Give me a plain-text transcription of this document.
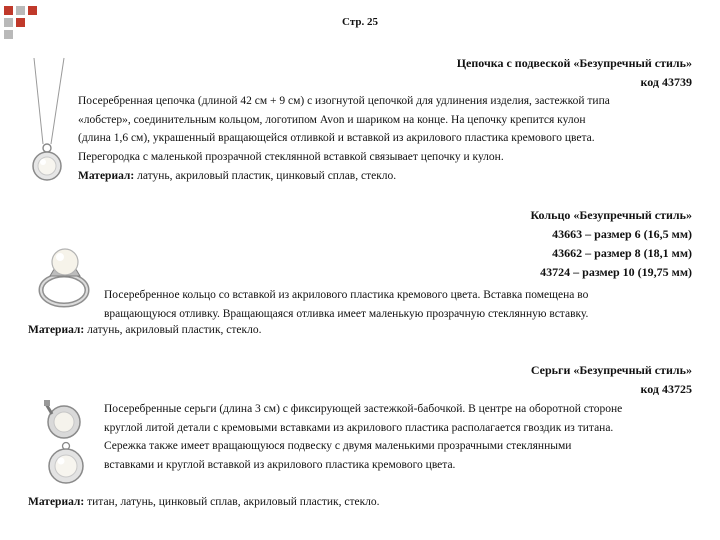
Стр. 25
Цепочка с подвеской «Безупречный стиль»
код 43739

Посеребренная цепочка (длиной 42 см + 9 см) с изогнутой цепочкой для удлинения изделия, застежкой типа

«лобстер», соединительным кольцом, логотипом Avon и шариком на конце. На цепочку крепится кулон

(длина 1,6 см), украшенный вращающейся отливкой и вставкой из акрилового пластика кремового цвета.

Перегородка с маленькой прозрачной стеклянной вставкой связывает цепочку и кулон.

Материал: латунь, акриловый пластик, цинковый сплав, стекло.
Кольцо «Безупречный стиль»
43663 – размер 6 (16,5 мм)
43662 – размер 8 (18,1 мм)
43724 – размер 10 (19,75 мм)

Посеребренное кольцо со вставкой из акрилового пластика кремового цвета. Вставка помещена во

вращающуюся отливку. Вращающаяся отливка имеет маленькую прозрачную стеклянную вставку.

Материал: латунь, акриловый пластик, стекло.
Серьги «Безупречный стиль»
код 43725

Посеребренные серьги (длина 3 см) с фиксирующей застежкой-бабочкой. В центре на оборотной стороне

круглой литой детали с кремовыми вставками из акрилового пластика располагается гвоздик из титана.

Сережка также имеет вращающуюся подвеску с двумя маленькими прозрачными стеклянными

вставками и круглой вставкой из акрилового пластика кремового цвета.

Материал: титан, латунь, цинковый сплав, акриловый пластик, стекло.
